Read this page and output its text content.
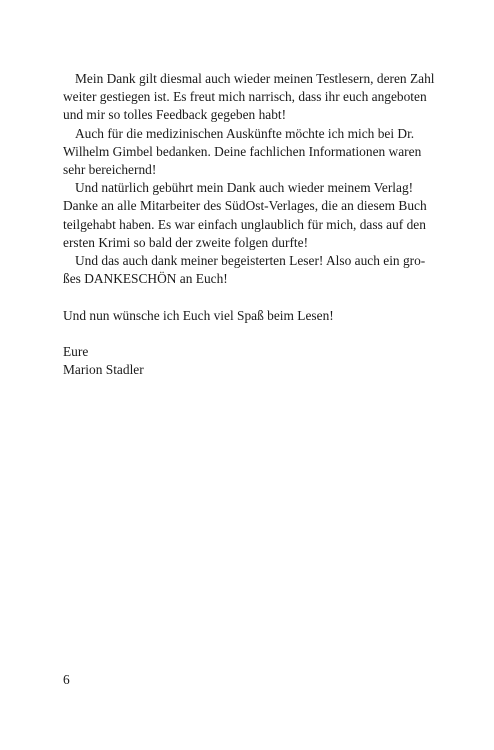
Mein Dank gilt diesmal auch wieder meinen Testlesern, deren Zahl
weiter gestiegen ist. Es freut mich narrisch, dass ihr euch angeboten
und mir so tolles Feedback gegeben habt!
Auch für die medizinischen Auskünfte möchte ich mich bei Dr.
Wilhelm Gimbel bedanken. Deine fachlichen Informationen waren
sehr bereichernd!
Und natürlich gebührt mein Dank auch wieder meinem Verlag!
Danke an alle Mitarbeiter des SüdOst-Verlages, die an diesem Buch
teilgehabt haben. Es war einfach unglaublich für mich, dass auf den
ersten Krimi so bald der zweite folgen durfte!
Und das auch dank meiner begeisterten Leser! Also auch ein gro-
ßes DANKESCHÖN an Euch!
Und nun wünsche ich Euch viel Spaß beim Lesen!
Eure
Marion Stadler
6
